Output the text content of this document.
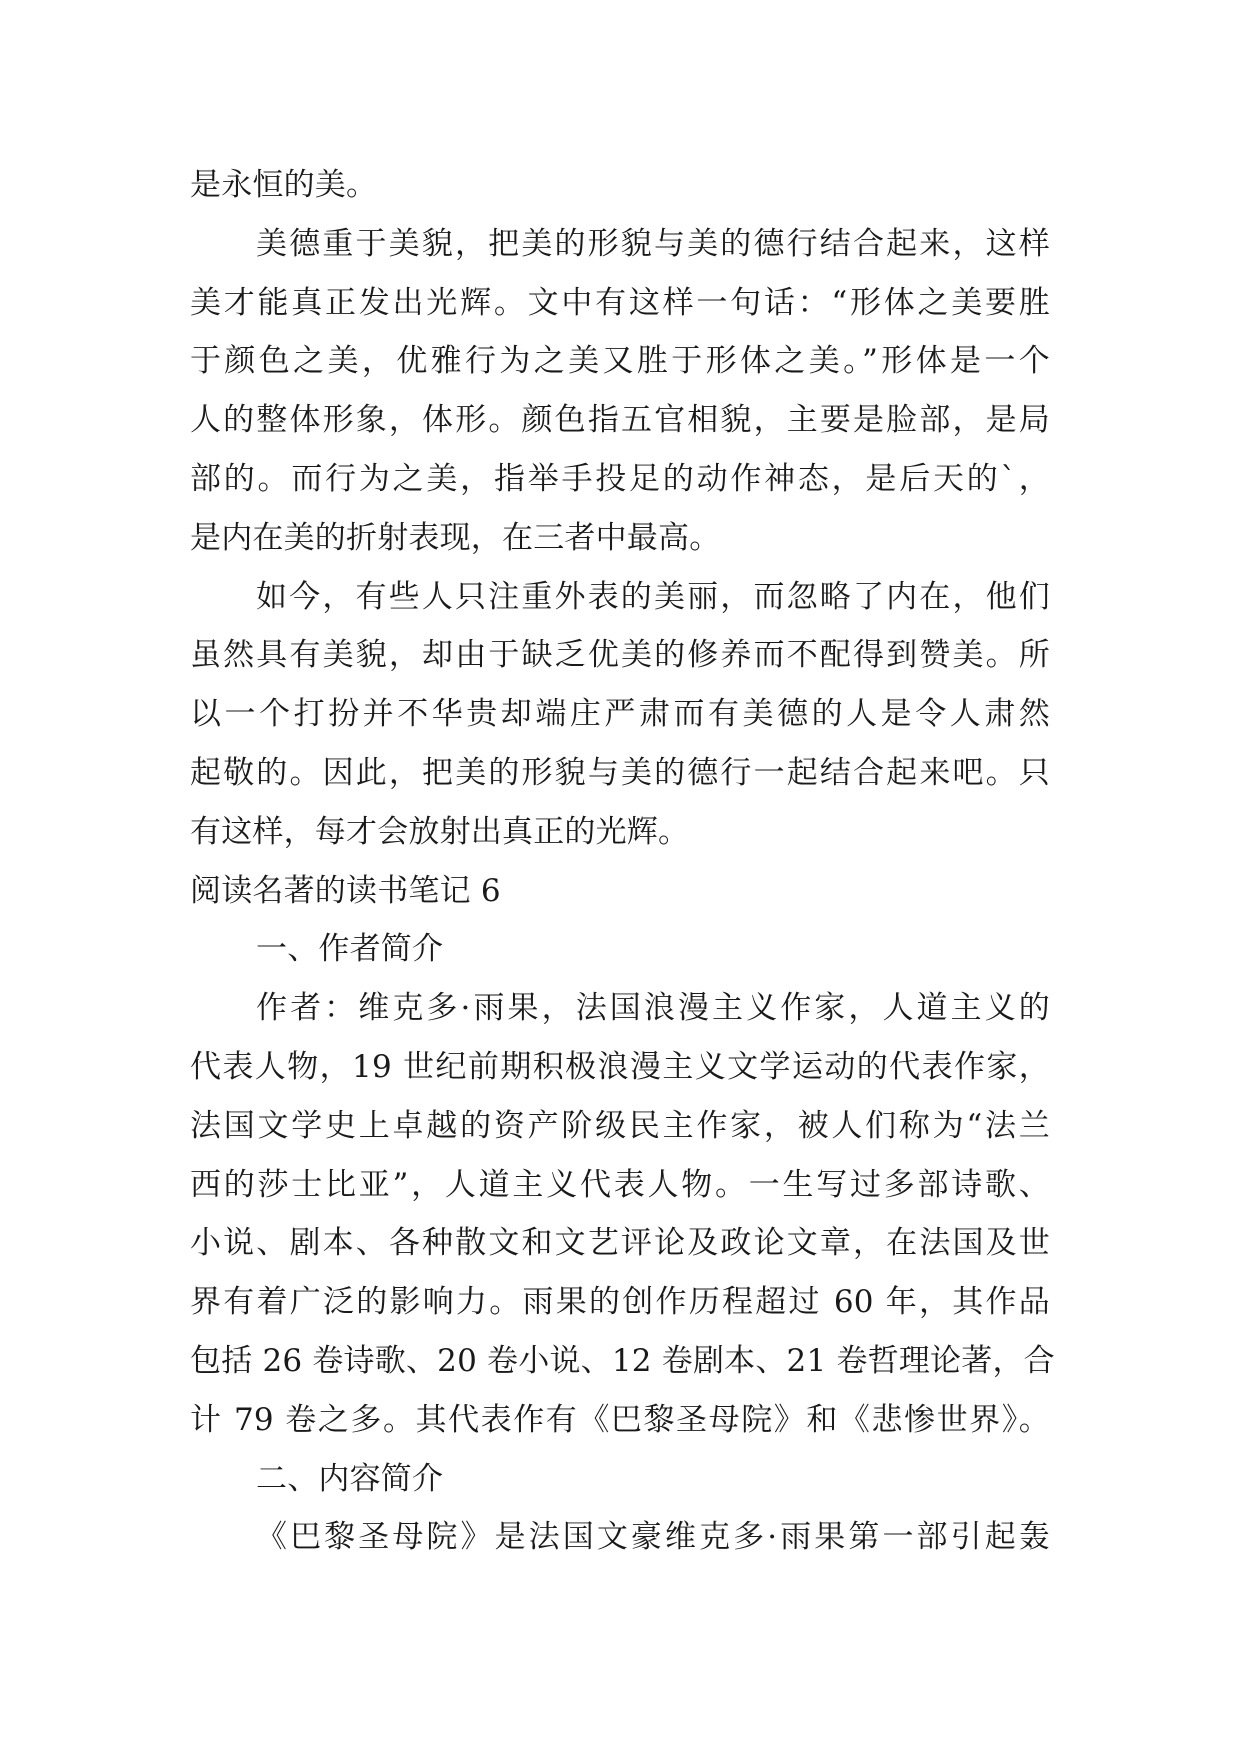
是永恒的美。
美德重于美貌，把美的形貌与美的德行结合起来，这样
美才能真正发出光辉。文中有这样一句话：“形体之美要胜
于颜色之美，优雅行为之美又胜于形体之美。”形体是一个
人的整体形象，体形。颜色指五官相貌，主要是脸部，是局
部的。而行为之美，指举手投足的动作神态，是后天的`，
是内在美的折射表现，在三者中最高。
如今，有些人只注重外表的美丽，而忽略了内在，他们
虽然具有美貌，却由于缺乏优美的修养而不配得到赞美。所
以一个打扮并不华贵却端庄严肃而有美德的人是令人肃然
起敬的。因此，把美的形貌与美的德行一起结合起来吧。只
有这样，每才会放射出真正的光辉。
阅读名著的读书笔记 6
一、作者简介
作者：维克多·雨果，法国浪漫主义作家，人道主义的
代表人物，19 世纪前期积极浪漫主义文学运动的代表作家，
法国文学史上卓越的资产阶级民主作家，被人们称为“法兰
西的莎士比亚”，人道主义代表人物。一生写过多部诗歌、
小说、剧本、各种散文和文艺评论及政论文章，在法国及世
界有着广泛的影响力。雨果的创作历程超过 60 年，其作品
包括 26 卷诗歌、20 卷小说、12 卷剧本、21 卷哲理论著，合
计 79 卷之多。其代表作有《巴黎圣母院》和《悲惨世界》。
二、内容简介
《巴黎圣母院》是法国文豪维克多·雨果第一部引起轰
